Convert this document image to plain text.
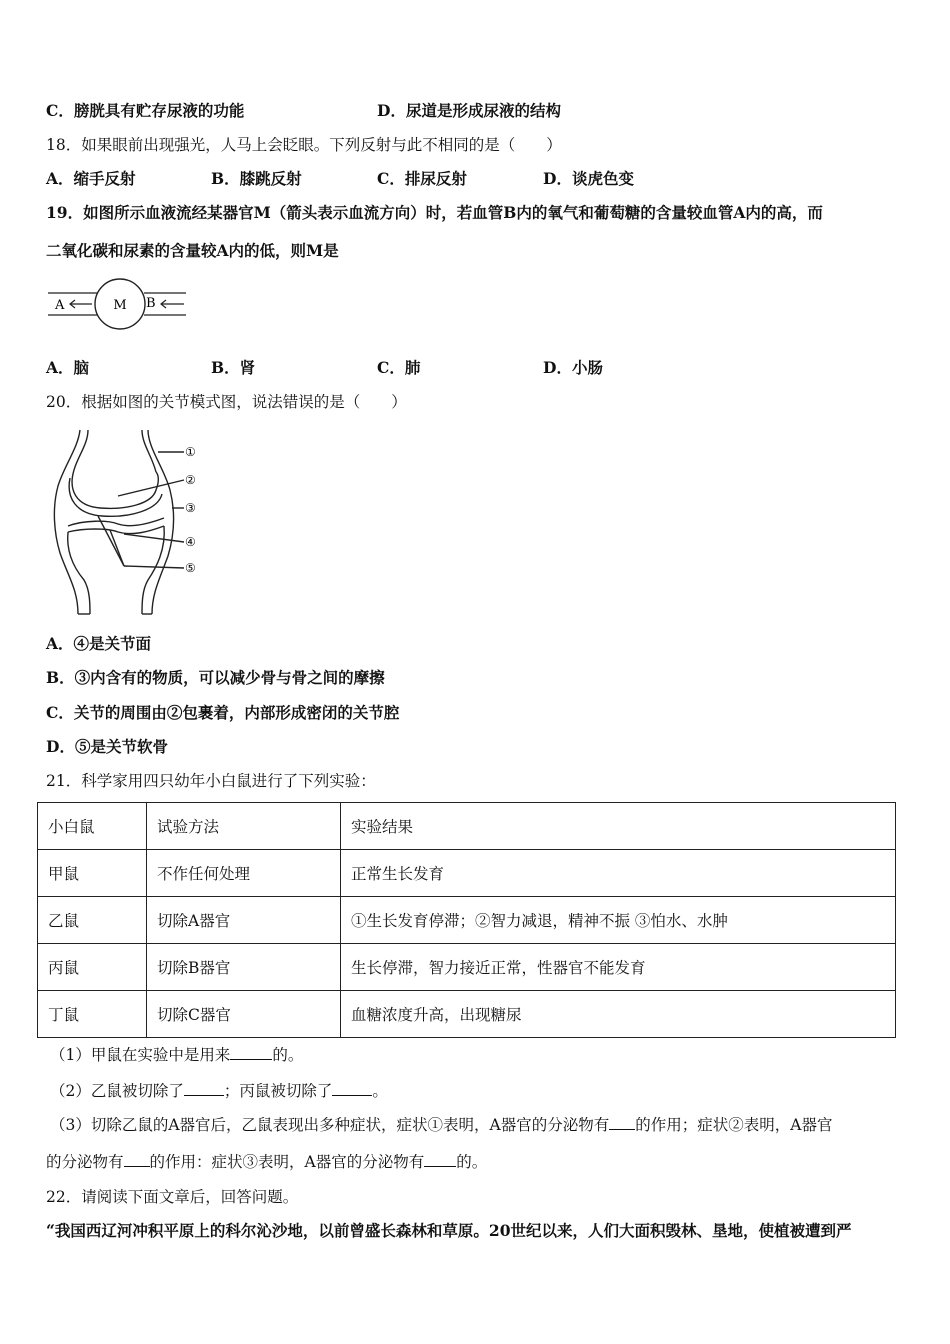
C．膀胱具有贮存尿液的功能	D．尿道是形成尿液的结构
18．如果眼前出现强光，人马上会眨眼。下列反射与此不相同的是（　　）
A．缩手反射	B．膝跳反射	C．排尿反射	D．谈虎色变
19．如图所示血液流经某器官M（箭头表示血流方向）时，若血管B内的氧气和葡萄糖的含量较血管A内的高，而
二氧化碳和尿素的含量较A内的低，则M是
M
A	B
A．脑	B．肾	C．肺	D．小肠
20．根据如图的关节模式图，说法错误的是（　　）
①
②
③
④
⑤
A．④是关节面
B．③内含有的物质，可以减少骨与骨之间的摩擦
C．关节的周围由②包裹着，内部形成密闭的关节腔
D．⑤是关节软骨
21．科学家用四只幼年小白鼠进行了下列实验：
小白鼠	试验方法	实验结果
甲鼠	不作任何处理	正常生长发育
乙鼠	切除A器官	①生长发育停滞；②智力减退，精神不振 ③怕水、水肿
丙鼠	切除B器官	生长停滞，智力接近正常，性器官不能发育
丁鼠	切除C器官	血糖浓度升高，出现糖尿
（1）甲鼠在实验中是用来	的。
（2）乙鼠被切除了	；丙鼠被切除了	。
（3）切除乙鼠的A器官后，乙鼠表现出多种症状，症状①表明，A器官的分泌物有 的作用；症状②表明，A器官
的分泌物有 的作用：症状③表明，A器官的分泌物有 的。
22．请阅读下面文章后，回答问题。
“我国西辽河冲积平原上的科尔沁沙地，以前曾盛长森林和草原。20世纪以来，人们大面积毁林、垦地，使植被遭到严
